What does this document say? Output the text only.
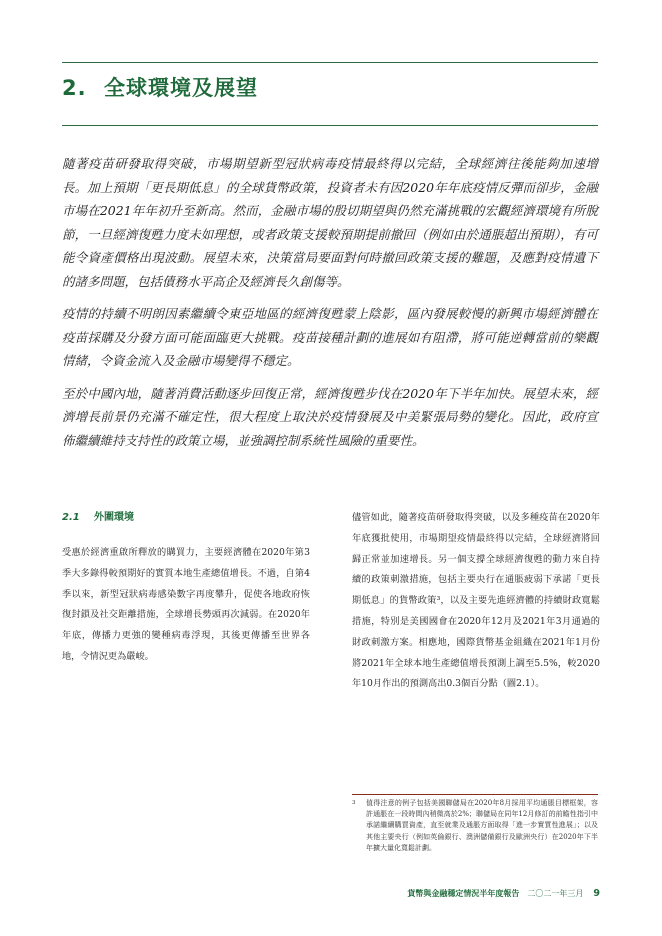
2. 全球環境及展望

隨著疫苗研發取得突破，市場期望新型冠狀病毒疫情最終得以完結，全球經濟往後能夠加速增長。加上預期「更長期低息」的全球貨幣政策，投資者未有因2020年年底疫情反彈而卻步，金融市場在2021年年初升至新高。然而，金融市場的殷切期望與仍然充滿挑戰的宏觀經濟環境有所脫節，一旦經濟復甦力度未如理想，或者政策支援較預期提前撤回（例如由於通脹超出預期），有可能令資產價格出現波動。展望未來，決策當局要面對何時撤回政策支援的難題，及應對疫情遺下的諸多問題，包括債務水平高企及經濟長久創傷等。

疫情的持續不明朗因素繼續令東亞地區的經濟復甦蒙上陰影，區內發展較慢的新興市場經濟體在疫苗採購及分發方面可能面臨更大挑戰。疫苗接種計劃的進展如有阻滯，將可能逆轉當前的樂觀情緒，令資金流入及金融市場變得不穩定。

至於中國內地，隨著消費活動逐步回復正常，經濟復甦步伐在2020年下半年加快。展望未來，經濟增長前景仍充滿不確定性，很大程度上取決於疫情發展及中美緊張局勢的變化。因此，政府宣佈繼續維持支持性的政策立場，並強調控制系統性風險的重要性。

2.1 外圍環境

受惠於經濟重啟所釋放的購買力，主要經濟體在2020年第3季大多錄得較預期好的實質本地生產總值增長。不過，自第4季以來，新型冠狀病毒感染數字再度攀升，促使各地政府恢復封鎖及社交距離措施，全球增長勢頭再次減弱。在2020年年底，傳播力更強的變種病毒浮現，其後更傳播至世界各地，令情況更為嚴峻。

儘管如此，隨著疫苗研發取得突破，以及多種疫苗在2020年年底獲批使用，市場期望疫情最終得以完結，全球經濟將回歸正常並加速增長。另一個支撐全球經濟復甦的動力來自持續的政策刺激措施，包括主要央行在通脹疲弱下承諾「更長期低息」的貨幣政策³，以及主要先進經濟體的持續財政寬鬆措施，特別是美國國會在2020年12月及2021年3月通過的財政刺激方案。相應地，國際貨幣基金組織在2021年1月份將2021年全球本地生產總值增長預測上調至5.5%，較2020年10月作出的預測高出0.3個百分點（圖2.1）。

3 值得注意的例子包括美國聯儲局在2020年8月採用平均通脹目標框架，容許通脹在一段時間內稍微高於2%；聯儲局在同年12月修訂的前瞻性指引中承諾繼續購買資產，直至就業及通脹方面取得「進一步實質性進展」；以及其他主要央行（例如英倫銀行、澳洲儲備銀行及歐洲央行）在2020年下半年擴大量化寬鬆計劃。
貨幣與金融穩定情況半年度報告 二〇二一年三月 9
